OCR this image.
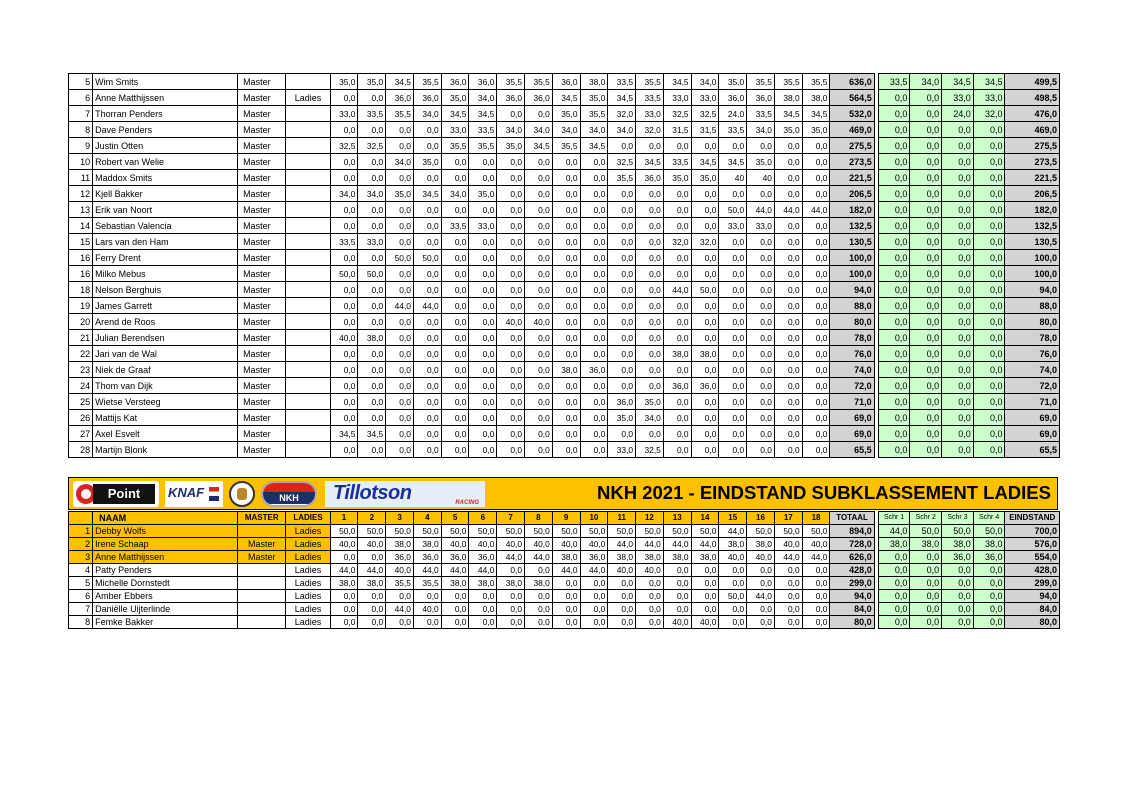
5	Wim Smits	Master		35,0	35,0	34,5	35,5	36,0	36,0	35,5	35,5	36,0	38,0	33,5	35,5	34,5	34,0	35,0	35,5	35,5	35,5	636,0		33,5	34,0	34,5	34,5	499,5
6	Anne Matthijssen	Master	Ladies	0,0	0,0	36,0	36,0	35,0	34,0	36,0	36,0	34,5	35,0	34,5	33,5	33,0	33,0	36,0	36,0	38,0	38,0	564,5		0,0	0,0	33,0	33,0	498,5
7	Thorran Penders	Master		33,0	33,5	35,5	34,0	34,5	34,5	0,0	0,0	35,0	35,5	32,0	33,0	32,5	32,5	24,0	33,5	34,5	34,5	532,0		0,0	0,0	24,0	32,0	476,0
8	Dave Penders	Master		0,0	0,0	0,0	0,0	33,0	33,5	34,0	34,0	34,0	34,0	34,0	32,0	31,5	31,5	33,5	34,0	35,0	35,0	469,0		0,0	0,0	0,0	0,0	469,0
9	Justin Otten	Master		32,5	32,5	0,0	0,0	35,5	35,5	35,0	34,5	35,5	34,5	0,0	0,0	0,0	0,0	0,0	0,0	0,0	0,0	275,5		0,0	0,0	0,0	0,0	275,5
10	Robert van Welie	Master		0,0	0,0	34,0	35,0	0,0	0,0	0,0	0,0	0,0	0,0	32,5	34,5	33,5	34,5	34,5	35,0	0,0	0,0	273,5		0,0	0,0	0,0	0,0	273,5
11	Maddox Smits	Master		0,0	0,0	0,0	0,0	0,0	0,0	0,0	0,0	0,0	0,0	35,5	36,0	35,0	35,0	40	40	0,0	0,0	221,5		0,0	0,0	0,0	0,0	221,5
12	Kjell Bakker	Master		34,0	34,0	35,0	34,5	34,0	35,0	0,0	0,0	0,0	0,0	0,0	0,0	0,0	0,0	0,0	0,0	0,0	0,0	206,5		0,0	0,0	0,0	0,0	206,5
13	Erik van Noort	Master		0,0	0,0	0,0	0,0	0,0	0,0	0,0	0,0	0,0	0,0	0,0	0,0	0,0	0,0	50,0	44,0	44,0	44,0	182,0		0,0	0,0	0,0	0,0	182,0
14	Sebastian Valencia	Master		0,0	0,0	0,0	0,0	33,5	33,0	0,0	0,0	0,0	0,0	0,0	0,0	0,0	0,0	33,0	33,0	0,0	0,0	132,5		0,0	0,0	0,0	0,0	132,5
15	Lars van den Ham	Master		33,5	33,0	0,0	0,0	0,0	0,0	0,0	0,0	0,0	0,0	0,0	0,0	32,0	32,0	0,0	0,0	0,0	0,0	130,5		0,0	0,0	0,0	0,0	130,5
16	Ferry Drent	Master		0,0	0,0	50,0	50,0	0,0	0,0	0,0	0,0	0,0	0,0	0,0	0,0	0,0	0,0	0,0	0,0	0,0	0,0	100,0		0,0	0,0	0,0	0,0	100,0
16	Milko Mebus	Master		50,0	50,0	0,0	0,0	0,0	0,0	0,0	0,0	0,0	0,0	0,0	0,0	0,0	0,0	0,0	0,0	0,0	0,0	100,0		0,0	0,0	0,0	0,0	100,0
18	Nelson Berghuis	Master		0,0	0,0	0,0	0,0	0,0	0,0	0,0	0,0	0,0	0,0	0,0	0,0	44,0	50,0	0,0	0,0	0,0	0,0	94,0		0,0	0,0	0,0	0,0	94,0
19	James Garrett	Master		0,0	0,0	44,0	44,0	0,0	0,0	0,0	0,0	0,0	0,0	0,0	0,0	0,0	0,0	0,0	0,0	0,0	0,0	88,0		0,0	0,0	0,0	0,0	88,0
20	Arend de Roos	Master		0,0	0,0	0,0	0,0	0,0	0,0	40,0	40,0	0,0	0,0	0,0	0,0	0,0	0,0	0,0	0,0	0,0	0,0	80,0		0,0	0,0	0,0	0,0	80,0
21	Julian Berendsen	Master		40,0	38,0	0,0	0,0	0,0	0,0	0,0	0,0	0,0	0,0	0,0	0,0	0,0	0,0	0,0	0,0	0,0	0,0	78,0		0,0	0,0	0,0	0,0	78,0
22	Jari van de Wal	Master		0,0	0,0	0,0	0,0	0,0	0,0	0,0	0,0	0,0	0,0	0,0	0,0	38,0	38,0	0,0	0,0	0,0	0,0	76,0		0,0	0,0	0,0	0,0	76,0
23	Niek de Graaf	Master		0,0	0,0	0,0	0,0	0,0	0,0	0,0	0,0	38,0	36,0	0,0	0,0	0,0	0,0	0,0	0,0	0,0	0,0	74,0		0,0	0,0	0,0	0,0	74,0
24	Thom van Dijk	Master		0,0	0,0	0,0	0,0	0,0	0,0	0,0	0,0	0,0	0,0	0,0	0,0	36,0	36,0	0,0	0,0	0,0	0,0	72,0		0,0	0,0	0,0	0,0	72,0
25	Wietse Versteeg	Master		0,0	0,0	0,0	0,0	0,0	0,0	0,0	0,0	0,0	0,0	36,0	35,0	0,0	0,0	0,0	0,0	0,0	0,0	71,0		0,0	0,0	0,0	0,0	71,0
26	Mattijs Kat	Master		0,0	0,0	0,0	0,0	0,0	0,0	0,0	0,0	0,0	0,0	35,0	34,0	0,0	0,0	0,0	0,0	0,0	0,0	69,0		0,0	0,0	0,0	0,0	69,0
27	Axel Esvelt	Master		34,5	34,5	0,0	0,0	0,0	0,0	0,0	0,0	0,0	0,0	0,0	0,0	0,0	0,0	0,0	0,0	0,0	0,0	69,0		0,0	0,0	0,0	0,0	69,0
28	Martijn Blonk	Master		0,0	0,0	0,0	0,0	0,0	0,0	0,0	0,0	0,0	0,0	33,0	32,5	0,0	0,0	0,0	0,0	0,0	0,0	65,5		0,0	0,0	0,0	0,0	65,5
Point	KNAF	NKH	Tillotson	RACING	NKH 2021 - EINDSTAND SUBKLASSEMENT LADIES
	NAAM	MASTER	LADIES	1	2	3	4	5	6	7	8	9	10	11	12	13	14	15	16	17	18	TOTAAL		Schr 1	Schr 2	Schr 3	Schr 4	EINDSTAND
1	Debby Wolfs		Ladies	50,0	50,0	50,0	50,0	50,0	50,0	50,0	50,0	50,0	50,0	50,0	50,0	50,0	50,0	44,0	50,0	50,0	50,0	894,0		44,0	50,0	50,0	50,0	700,0
2	Irene Schaap	Master	Ladies	40,0	40,0	38,0	38,0	40,0	40,0	40,0	40,0	40,0	40,0	44,0	44,0	44,0	44,0	38,0	38,0	40,0	40,0	728,0		38,0	38,0	38,0	38,0	576,0
3	Anne Matthijssen	Master	Ladies	0,0	0,0	36,0	36,0	36,0	36,0	44,0	44,0	38,0	36,0	38,0	38,0	38,0	38,0	40,0	40,0	44,0	44,0	626,0		0,0	0,0	36,0	36,0	554,0
4	Patty Penders		Ladies	44,0	44,0	40,0	44,0	44,0	44,0	0,0	0,0	44,0	44,0	40,0	40,0	0,0	0,0	0,0	0,0	0,0	0,0	428,0		0,0	0,0	0,0	0,0	428,0
5	Michelle Dornstedt		Ladies	38,0	38,0	35,5	35,5	38,0	38,0	38,0	38,0	0,0	0,0	0,0	0,0	0,0	0,0	0,0	0,0	0,0	0,0	299,0		0,0	0,0	0,0	0,0	299,0
6	Amber Ebbers		Ladies	0,0	0,0	0,0	0,0	0,0	0,0	0,0	0,0	0,0	0,0	0,0	0,0	0,0	0,0	50,0	44,0	0,0	0,0	94,0		0,0	0,0	0,0	0,0	94,0
7	Daniëlle Uijterlinde		Ladies	0,0	0,0	44,0	40,0	0,0	0,0	0,0	0,0	0,0	0,0	0,0	0,0	0,0	0,0	0,0	0,0	0,0	0,0	84,0		0,0	0,0	0,0	0,0	84,0
8	Femke Bakker		Ladies	0,0	0,0	0,0	0,0	0,0	0,0	0,0	0,0	0,0	0,0	0,0	0,0	40,0	40,0	0,0	0,0	0,0	0,0	80,0		0,0	0,0	0,0	0,0	80,0
